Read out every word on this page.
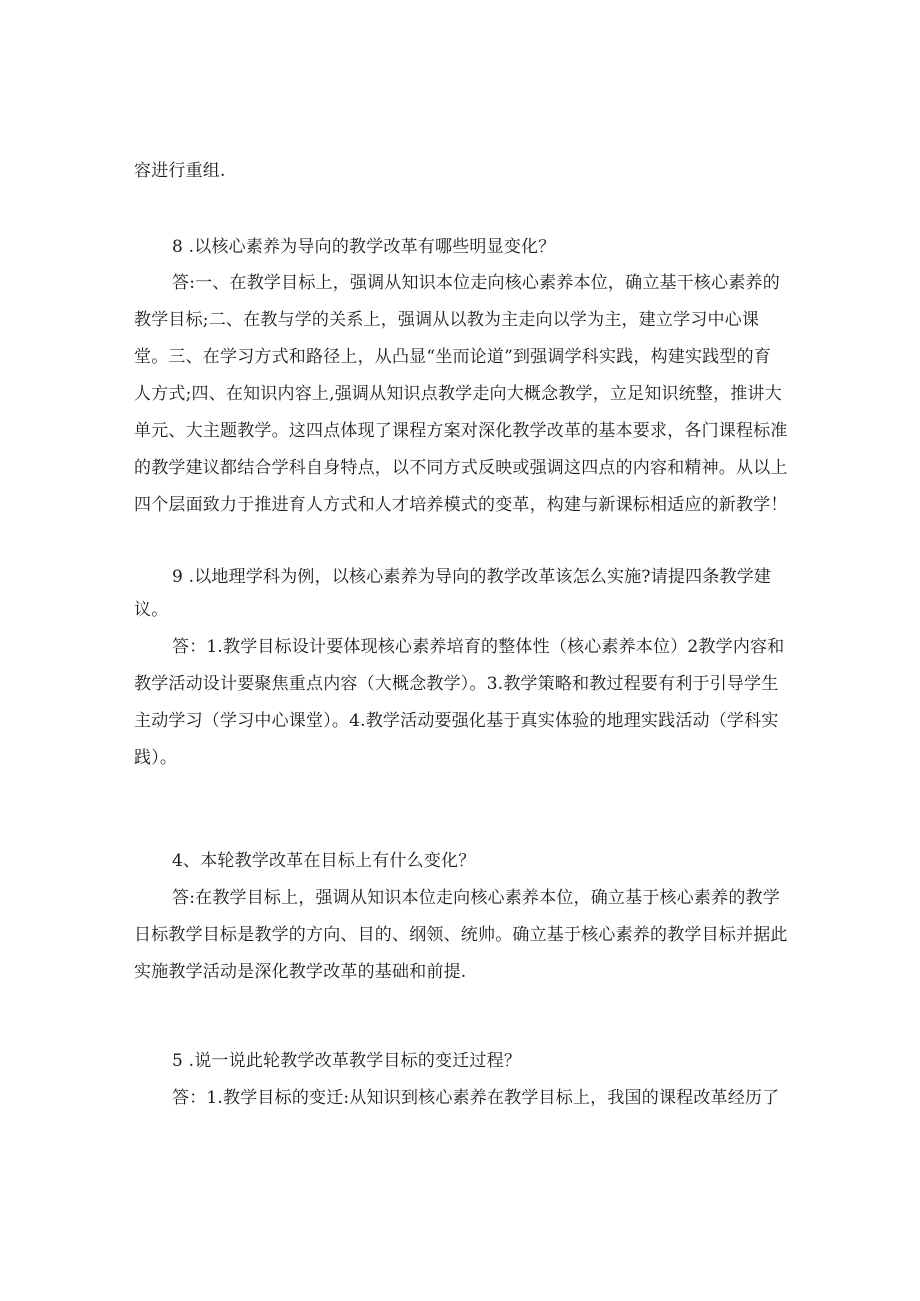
容进行重组.
8 .以核心素养为导向的教学改革有哪些明显变化？
答:一、在教学目标上，强调从知识本位走向核心素养本位，确立基干核心素养的
教学目标;二、在教与学的关系上，强调从以教为主走向以学为主，建立学习中心课
堂。三、在学习方式和路径上，从凸显“坐而论道”到强调学科实践，构建实践型的育
人方式;四、在知识内容上,强调从知识点教学走向大概念教学，立足知识统整，推讲大
单元、大主题教学。这四点体现了课程方案对深化教学改革的基本要求，各门课程标准
的教学建议都结合学科自身特点，以不同方式反映或强调这四点的内容和精神。从以上
四个层面致力于推进育人方式和人才培养模式的变革，构建与新课标相适应的新教学！
9 .以地理学科为例，以核心素养为导向的教学改革该怎么实施?请提四条教学建
议。
答：1.教学目标设计要体现核心素养培育的整体性（核心素养本位）2教学内容和
教学活动设计要聚焦重点内容（大概念教学）。3.教学策略和教过程要有利于引导学生
主动学习（学习中心课堂）。4.教学活动要强化基于真实体验的地理实践活动（学科实
践）。
4、本轮教学改革在目标上有什么变化？
答:在教学目标上，强调从知识本位走向核心素养本位，确立基于核心素养的教学
日标教学目标是教学的方向、目的、纲领、统帅。确立基于核心素养的教学目标并据此
实施教学活动是深化教学改革的基础和前提.
5 .说一说此轮教学改革教学目标的变迁过程？
答：1.教学目标的变迁:从知识到核心素养在教学目标上，我国的课程改革经历了
